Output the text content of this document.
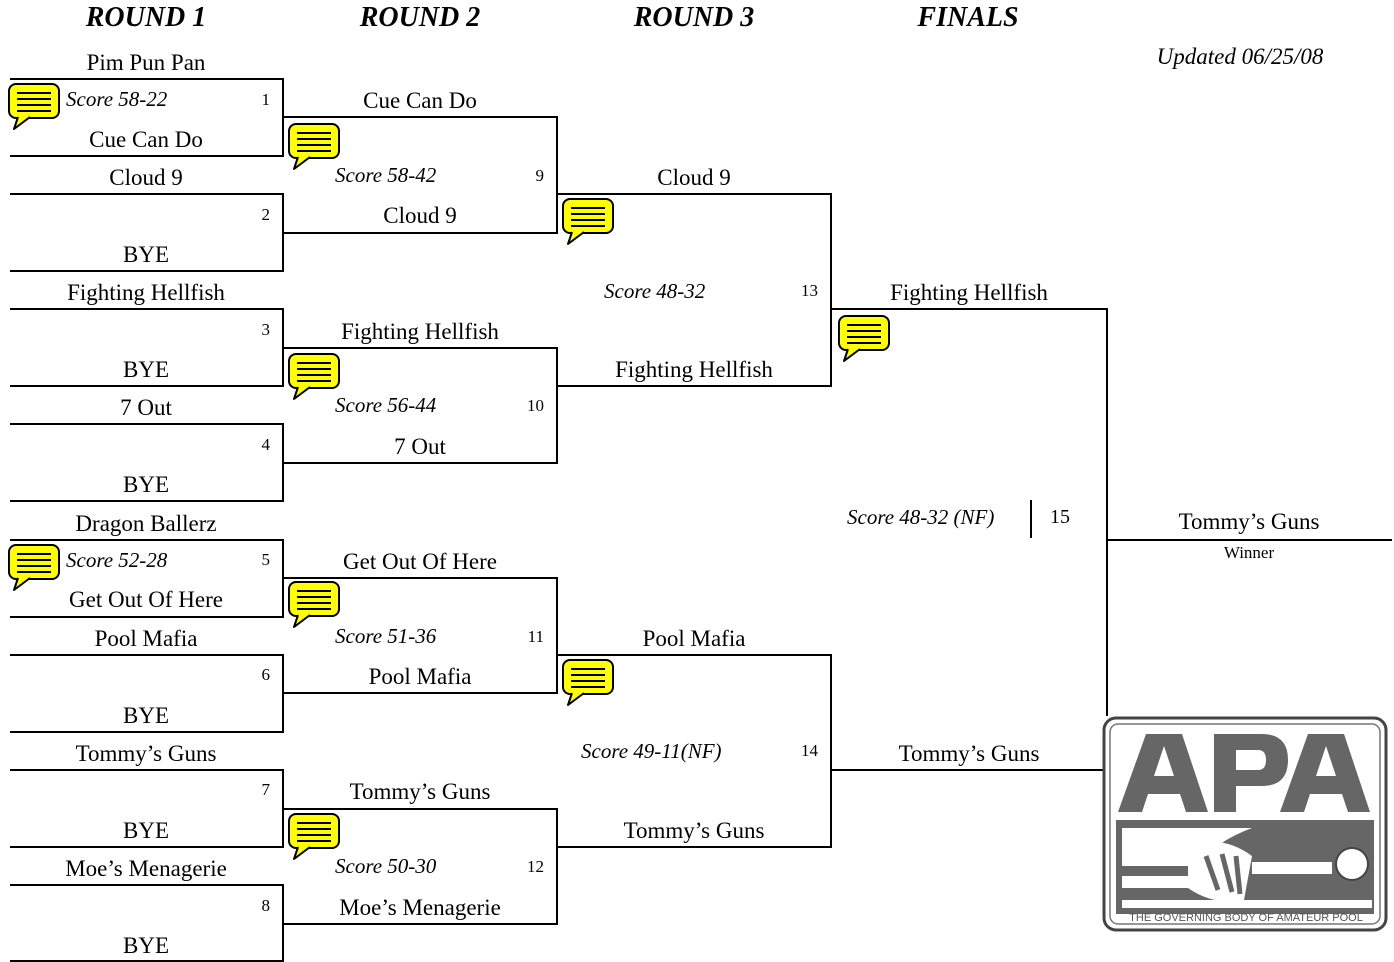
ROUND 1	ROUND 2	ROUND 3	FINALS
Updated 06/25/08
Pim Pun Pan
Score 58-22	1
Cue Can Do
Cloud 9
2
BYE
Fighting Hellfish
3
BYE
7 Out
4
BYE
Dragon Ballerz
Score 52-28	5
Get Out Of Here
Pool Mafia
6
BYE
Tommy’s Guns
7
BYE
Moe’s Menagerie
8
BYE
Cue Can Do
Score 58-42	9
Cloud 9
Fighting Hellfish
Score 56-44	10
7 Out
Get Out Of Here
Score 51-36	11
Pool Mafia
Tommy’s Guns
Score 50-30	12
Moe’s Menagerie
Cloud 9
Score 48-32	13
Fighting Hellfish
Pool Mafia
Score 49-11(NF)	14
Tommy’s Guns
Fighting Hellfish
Tommy’s Guns
Score 48-32 (NF)	15	Tommy’s Guns
Winner
THE GOVERNING BODY OF AMATEUR POOL
